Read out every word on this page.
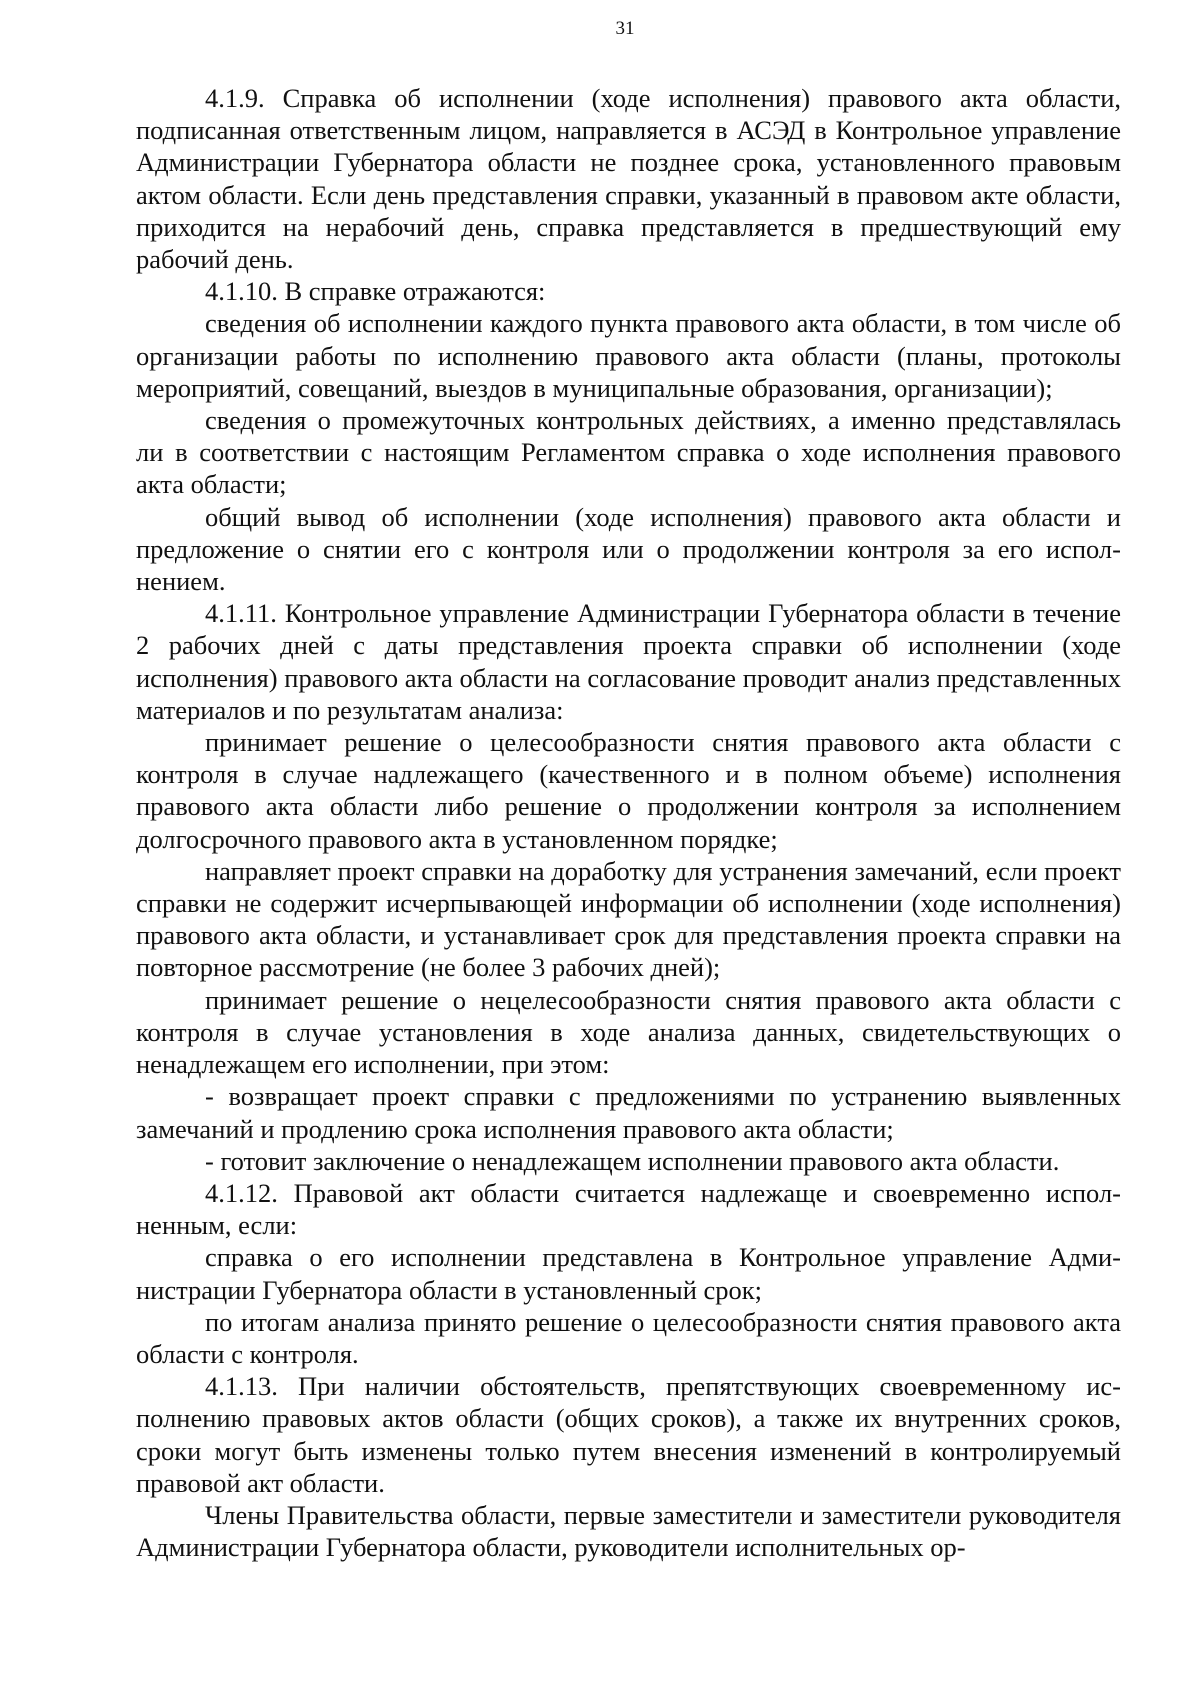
31

4.1.9. Справка об исполнении (ходе исполнения) правового акта области, подписанная ответственным лицом, направляется в АСЭД в Контрольное управление Администрации Губернатора области не позднее срока, установленного правовым актом области. Если день представления справки, указанный в правовом акте области, приходится на нерабочий день, справка представляется в предшествующий ему рабочий день.

4.1.10. В справке отражаются:

сведения об исполнении каждого пункта правового акта области, в том числе об организации работы по исполнению правового акта области (планы, протоколы мероприятий, совещаний, выездов в муниципальные образования, организации);

сведения о промежуточных контрольных действиях, а именно представлялась ли в соответствии с настоящим Регламентом справка о ходе исполнения правового акта области;

общий вывод об исполнении (ходе исполнения) правового акта области и предложение о снятии его с контроля или о продолжении контроля за его исполнением.

4.1.11. Контрольное управление Администрации Губернатора области в течение 2 рабочих дней с даты представления проекта справки об исполнении (ходе исполнения) правового акта области на согласование проводит анализ представленных материалов и по результатам анализа:

принимает решение о целесообразности снятия правового акта области с контроля в случае надлежащего (качественного и в полном объеме) исполнения правового акта области либо решение о продолжении контроля за исполнением долгосрочного правового акта в установленном порядке;

направляет проект справки на доработку для устранения замечаний, если проект справки не содержит исчерпывающей информации об исполнении (ходе исполнения) правового акта области, и устанавливает срок для представления проекта справки на повторное рассмотрение (не более 3 рабочих дней);

принимает решение о нецелесообразности снятия правового акта области с контроля в случае установления в ходе анализа данных, свидетельствующих о ненадлежащем его исполнении, при этом:

- возвращает проект справки с предложениями по устранению выявленных замечаний и продлению срока исполнения правового акта области;

- готовит заключение о ненадлежащем исполнении правового акта области.

4.1.12. Правовой акт области считается надлежаще и своевременно исполненным, если:

справка о его исполнении представлена в Контрольное управление Администрации Губернатора области в установленный срок;

по итогам анализа принято решение о целесообразности снятия правового акта области с контроля.

4.1.13. При наличии обстоятельств, препятствующих своевременному исполнению правовых актов области (общих сроков), а также их внутренних сроков, сроки могут быть изменены только путем внесения изменений в контролируемый правовой акт области.

Члены Правительства области, первые заместители и заместители руководителя Администрации Губернатора области, руководители исполнительных ор-
